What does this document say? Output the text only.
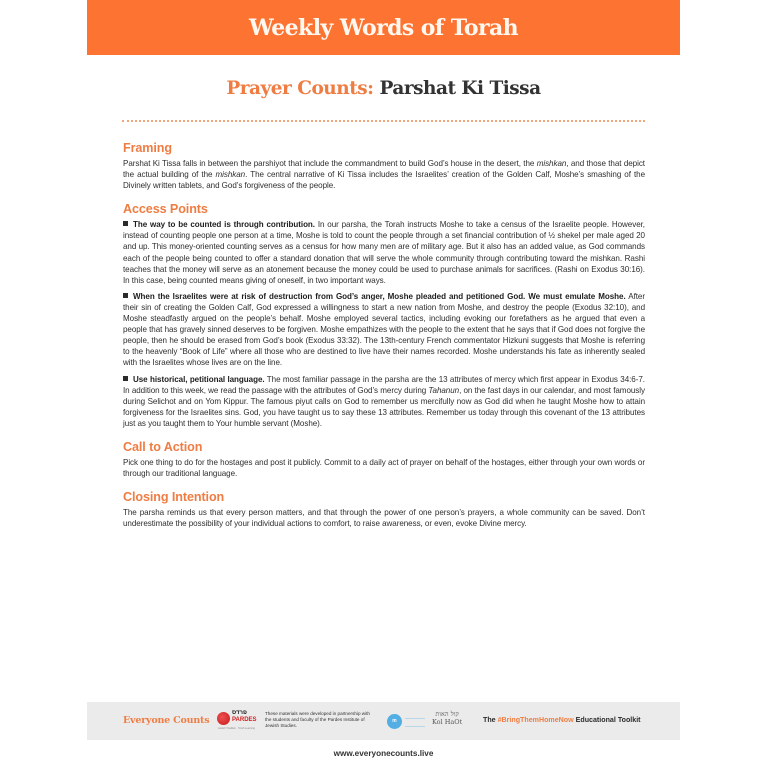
Weekly Words of Torah
Prayer Counts: Parshat Ki Tissa
Framing

Parshat Ki Tissa falls in between the parshiyot that include the commandment to build God’s house in the desert, the mishkan, and those that depict the actual building of the mishkan. The central narrative of Ki Tissa includes the Israelites’ creation of the Golden Calf, Moshe’s smashing of the Divinely written tablets, and God’s forgiveness of the people.

Access Points

The way to be counted is through contribution. In our parsha, the Torah instructs Moshe to take a census of the Israelite people. However, instead of counting people one person at a time, Moshe is told to count the people through a set financial contribution of ½ shekel per male aged 20 and up. This money-oriented counting serves as a census for how many men are of military age. But it also has an added value, as God commands each of the people being counted to offer a standard donation that will serve the whole community through contributing toward the mishkan. Rashi teaches that the money will serve as an atonement because the money could be used to purchase animals for sacrifices. (Rashi on Exodus 30:16). In this case, being counted means giving of oneself, in two important ways.

When the Israelites were at risk of destruction from God’s anger, Moshe pleaded and petitioned God. We must emulate Moshe. After their sin of creating the Golden Calf, God expressed a willingness to start a new nation from Moshe, and destroy the people (Exodus 32:10), and Moshe steadfastly argued on the people’s behalf. Moshe employed several tactics, including evoking our forefathers as he argued that even a people that has gravely sinned deserves to be forgiven. Moshe empathizes with the people to the extent that he says that if God does not forgive the people, then he should be erased from God’s book (Exodus 33:32). The 13th-century French commentator Hizkuni suggests that Moshe is referring to the heavenly “Book of Life” where all those who are destined to live have their names recorded. Moshe understands his fate as inherently sealed with the Israelites whose lives are on the line.

Use historical, petitional language. The most familiar passage in the parsha are the 13 attributes of mercy which first appear in Exodus 34:6-7. In addition to this week, we read the passage with the attributes of God’s mercy during Tahanun, on the fast days in our calendar, and most famously during Selichot and on Yom Kippur. The famous piyut calls on God to remember us mercifully now as God did when he taught Moshe how to attain forgiveness for the Israelites sins. God, you have taught us to say these 13 attributes. Remember us today through this covenant of the 13 attributes just as you taught them to Your humble servant (Moshe).

Call to Action

Pick one thing to do for the hostages and post it publicly. Commit to a daily act of prayer on behalf of the hostages, either through your own words or through our traditional language.

Closing Intention

The parsha reminds us that every person matters, and that through the power of one person’s prayers, a whole community can be saved. Don’t underestimate the possibility of your individual actions to comfort, to raise awareness, or even, evoke Divine mercy.

Everyone Counts
פרדס
PARDES
Jewish Tradition · Torah Learning
These materials were developed in partnership with the students and faculty of the Pardes Institute of Jewish Studies.
m
קול האות
Kol HaOt	The #BringThemHomeNow Educational Toolkit
www.everyonecounts.live
